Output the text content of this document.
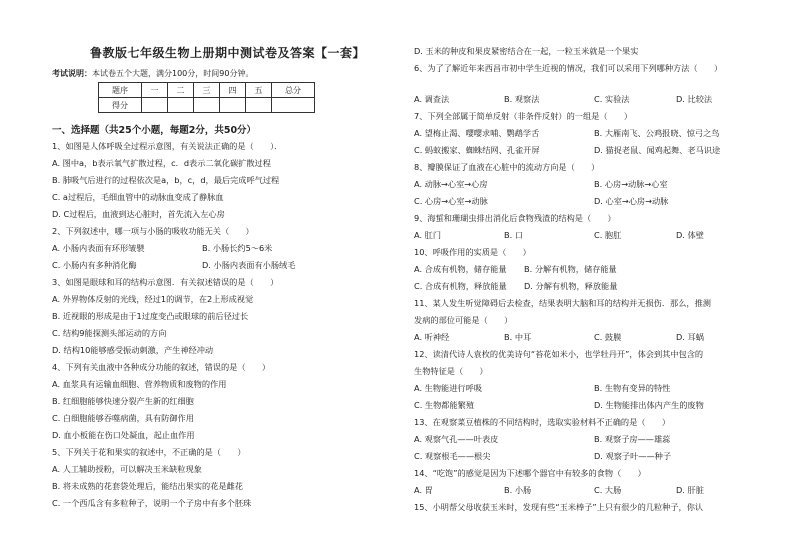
鲁教版七年级生物上册期中测试卷及答案【一套】
考试说明：本试卷五个大题，满分100分，时间90分钟。
题序	一	二	三	四	五	总分
得分						
一、选择题（共25个小题，每题2分，共50分）
1、如图是人体呼吸全过程示意图，有关说法正确的是（　　）．
A. 图中a，b表示氧气扩散过程，c．d表示二氧化碳扩散过程
B. 肺吸气后进行的过程依次是a，b，c，d，最后完成呼气过程
C. a过程后，毛细血管中的动脉血变成了静脉血
D. C过程后，血液到达心脏时，首先流入左心房
2、下列叙述中，哪一项与小肠的吸收功能无关（　　）
A. 小肠内表面有环形皱襞	B. 小肠长约5～6米
C. 小肠内有多种消化酶	D. 小肠内表面有小肠绒毛
3、如图是眼球和耳的结构示意图．有关叙述错误的是（　　）
A. 外界物体反射的光线，经过1的调节，在2上形成视觉
B. 近视眼的形成是由于1过度变凸或眼球的前后径过长
C. 结构9能探测头部运动的方向
D. 结构10能够感受振动刺激，产生神经冲动
4、下列有关血液中各种成分功能的叙述，错误的是（　　）
A. 血浆具有运输血细胞、营养物质和废物的作用
B. 红细胞能够快速分裂产生新的红细胞
C. 白细胞能够吞噬病菌，具有防御作用
D. 血小板能在伤口处凝血，起止血作用
5、下列关于花和果实的叙述中，不正确的是（　　）
A. 人工辅助授粉，可以解决玉米缺粒现象
B. 将未成熟的花套袋处理后，能结出果实的花是雌花
C. 一个西瓜含有多粒种子，说明一个子房中有多个胚珠
D. 玉米的种皮和果皮紧密结合在一起，一粒玉米就是一个果实
6、为了了解近年来西昌市初中学生近视的情况，我们可以采用下列哪种方法（　　）
A. 调查法	B. 观察法	C. 实验法	D. 比较法
7、下列全部属于简单反射（非条件反射）的一组是（　　）
A. 望梅止渴、嘤嘤求哺、鹦鹉学舌	B. 大雁南飞、公鸡报晓、惊弓之鸟
C. 蚂蚁搬家、蜘蛛结网、孔雀开屏	D. 猫捉老鼠、闻鸡起舞、老马识途
8、瓣膜保证了血液在心脏中的流动方向是（　　）
A. 动脉→心室→心房	B. 心房→动脉→心室
C. 心房→心室→动脉	D. 心室→心房→动脉
9、海蜇和珊瑚虫排出消化后食物残渣的结构是（　　）
A. 肛门	B. 口	C. 胞肛	D. 体壁
10、呼吸作用的实质是（　　）
A. 合成有机物，储存能量 B. 分解有机物，储存能量
C. 合成有机物，释放能量 D. 分解有机物，释放能量
11、某人发生听觉障碍后去检查，结果表明大脑和耳的结构并无损伤．那么，推测
发病的部位可能是（　　）
A. 听神经	B. 中耳	C. 鼓膜	D. 耳蜗
12、读清代诗人袁枚的优美诗句“苔花如米小，也学牡丹开”，体会到其中包含的
生物特征是（　　）
A. 生物能进行呼吸	B. 生物有变异的特性
C. 生物都能繁殖	D. 生物能排出体内产生的废物
13、在观察菜豆植株的不同结构时，选取实验材料不正确的是（　　）
A. 观察气孔——叶表皮	B. 观察子房——雄蕊
C. 观察根毛——根尖	D. 观察子叶——种子
14、“吃饱”的感觉是因为下述哪个器官中有较多的食物（　　）
A. 胃	B. 小肠	C. 大肠	D. 肝脏
15、小明帮父母收获玉米时，发现有些“玉米棒子”上只有很少的几粒种子，你认
